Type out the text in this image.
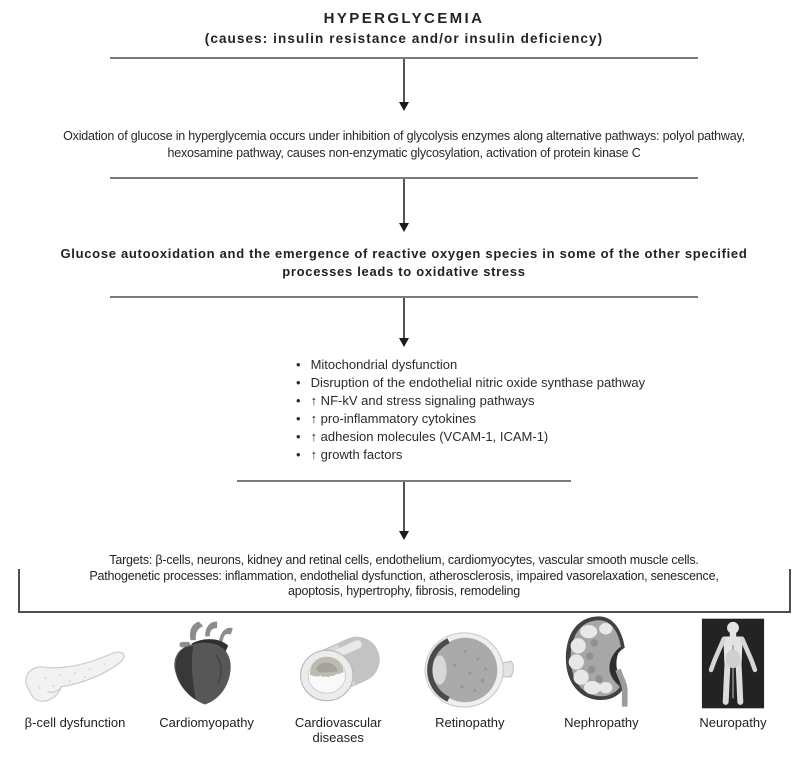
HYPERGLYCEMIA
(causes: insulin resistance and/or insulin deficiency)
Oxidation of glucose in hyperglycemia occurs under inhibition of glycolysis enzymes along alternative pathways: polyol pathway,
hexosamine pathway, causes non-enzymatic glycosylation, activation of protein kinase C
Glucose autooxidation and the emergence of reactive oxygen species in some of the other specified
processes leads to oxidative stress
• Mitochondrial dysfunction
• Disruption of the endothelial nitric oxide synthase pathway
• ↑ NF-kV and stress signaling pathways
• ↑ pro-inflammatory cytokines
• ↑ adhesion molecules (VCAM-1, ICAM-1)
• ↑ growth factors
Targets: β-cells, neurons, kidney and retinal cells, endothelium, cardiomyocytes, vascular smooth muscle cells.
Pathogenetic processes: inflammation, endothelial dysfunction, atherosclerosis, impaired vasorelaxation, senescence,
apoptosis, hypertrophy, fibrosis, remodeling
β-cell dysfunction	Cardiomyopathy	Cardiovascular diseases
Retinopathy	Nephropathy	Neuropathy
